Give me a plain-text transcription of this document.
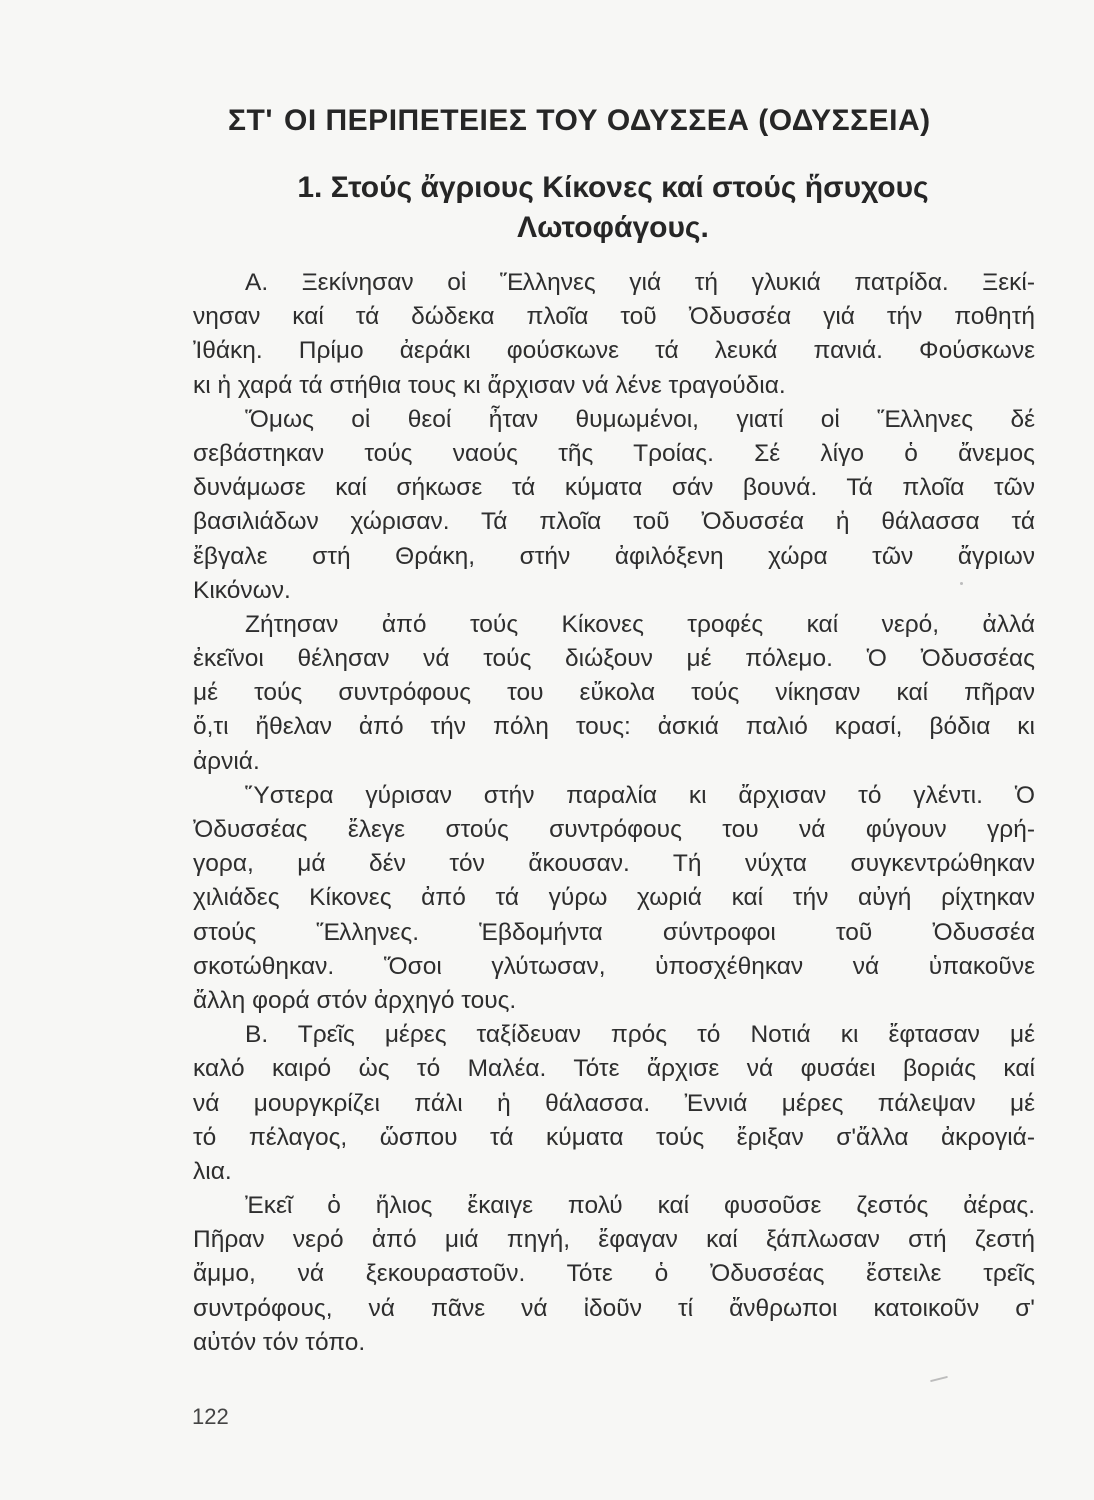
ΣΤ' ΟΙ ΠΕΡΙΠΕΤΕΙΕΣ ΤΟΥ ΟΔΥΣΣΕΑ (ΟΔΥΣΣΕΙΑ)
1. Στούς ἄγριους Κίκονες καί στούς ἥσυχους
Λωτοφάγους.
Α. Ξεκίνησαν οἱ Ἕλληνες γιά τή γλυκιά πατρίδα. Ξεκί-
νησαν καί τά δώδεκα πλοῖα τοῦ Ὀδυσσέα γιά τήν ποθητή
Ἰθάκη. Πρίμο ἀεράκι φούσκωνε τά λευκά πανιά. Φούσκωνε
κι ἡ χαρά τά στήθια τους κι ἄρχισαν νά λένε τραγούδια.
Ὅμως οἱ θεοί ἦταν θυμωμένοι, γιατί οἱ Ἕλληνες δέ
σεβάστηκαν τούς ναούς τῆς Τροίας. Σέ λίγο ὁ ἄνεμος
δυνάμωσε καί σήκωσε τά κύματα σάν βουνά. Τά πλοῖα τῶν
βασιλιάδων χώρισαν. Τά πλοῖα τοῦ Ὀδυσσέα ἡ θάλασσα τά
ἔβγαλε στή Θράκη, στήν ἀφιλόξενη χώρα τῶν ἄγριων
Κικόνων.
Ζήτησαν ἀπό τούς Κίκονες τροφές καί νερό, ἀλλά
ἐκεῖνοι θέλησαν νά τούς διώξουν μέ πόλεμο. Ὁ Ὀδυσσέας
μέ τούς συντρόφους του εὔκολα τούς νίκησαν καί πῆραν
ὅ,τι ἤθελαν ἀπό τήν πόλη τους: ἀσκιά παλιό κρασί, βόδια κι
ἀρνιά.
Ὕστερα γύρισαν στήν παραλία κι ἄρχισαν τό γλέντι. Ὁ
Ὀδυσσέας ἔλεγε στούς συντρόφους του νά φύγουν γρή-
γορα, μά δέν τόν ἄκουσαν. Τή νύχτα συγκεντρώθηκαν
χιλιάδες Κίκονες ἀπό τά γύρω χωριά καί τήν αὐγή ρίχτηκαν
στούς Ἕλληνες. Ἑβδομήντα σύντροφοι τοῦ Ὀδυσσέα
σκοτώθηκαν. Ὅσοι γλύτωσαν, ὑποσχέθηκαν νά ὑπακοῦνε
ἄλλη φορά στόν ἀρχηγό τους.
Β. Τρεῖς μέρες ταξίδευαν πρός τό Νοτιά κι ἔφτασαν μέ
καλό καιρό ὡς τό Μαλέα. Τότε ἄρχισε νά φυσάει βοριάς καί
νά μουργκρίζει πάλι ἡ θάλασσα. Ἐννιά μέρες πάλεψαν μέ
τό πέλαγος, ὥσπου τά κύματα τούς ἔριξαν σ'ἄλλα ἀκρογιά-
λια.
Ἐκεῖ ὁ ἥλιος ἔκαιγε πολύ καί φυσοῦσε ζεστός ἀέρας.
Πῆραν νερό ἀπό μιά πηγή, ἔφαγαν καί ξάπλωσαν στή ζεστή
ἄμμο, νά ξεκουραστοῦν. Τότε ὁ Ὀδυσσέας ἔστειλε τρεῖς
συντρόφους, νά πᾶνε νά ἰδοῦν τί ἄνθρωποι κατοικοῦν σ'
αὐτόν τόν τόπο.
122
